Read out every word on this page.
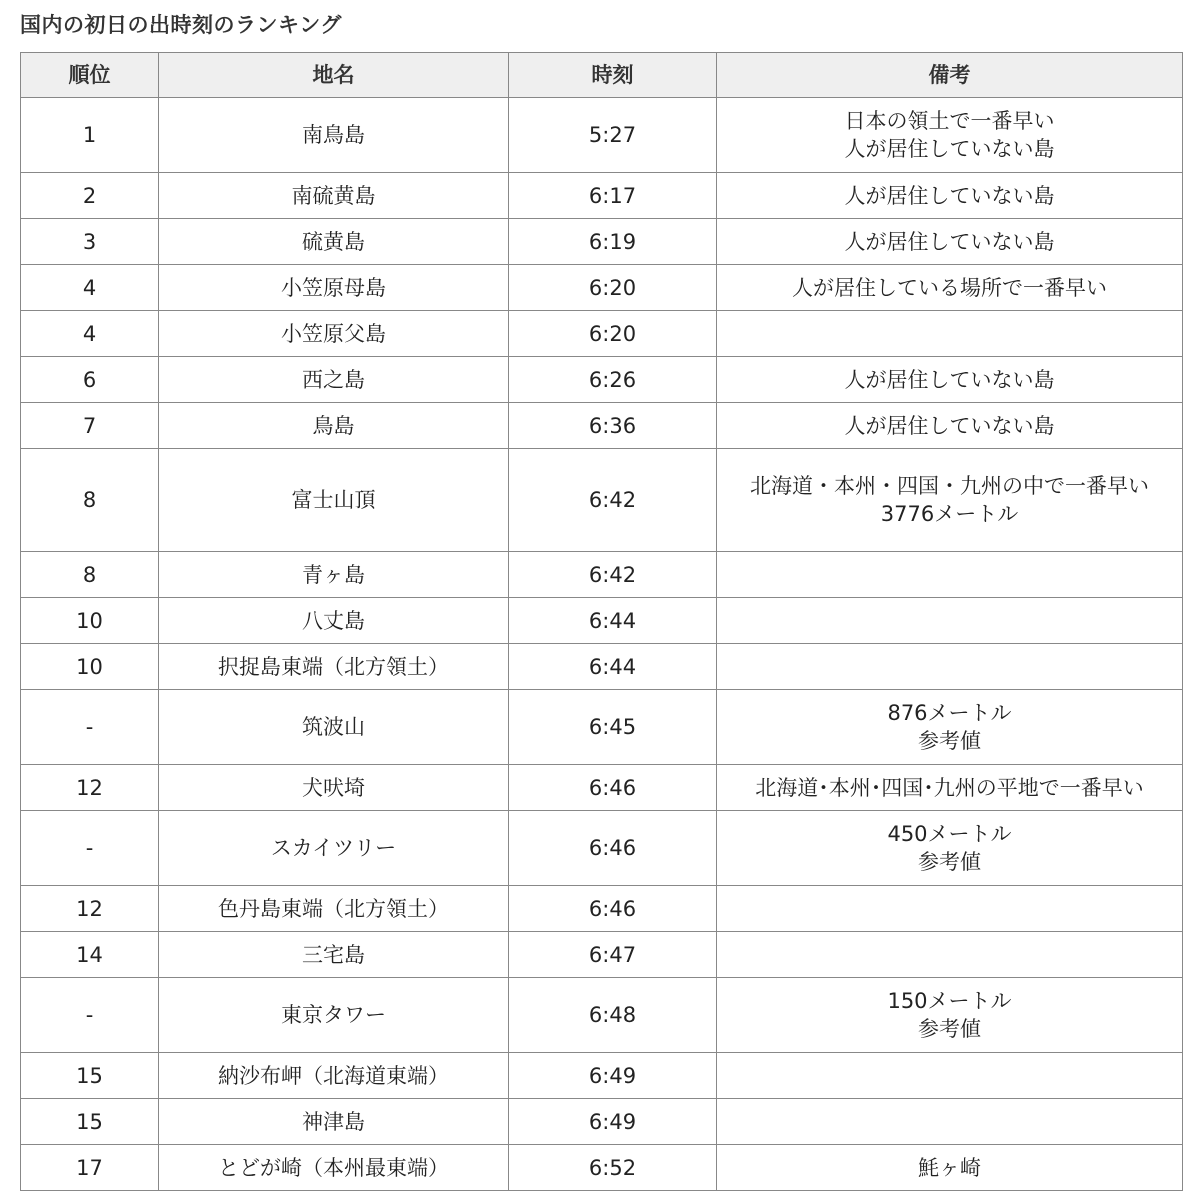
国内の初日の出時刻のランキング
順位	地名	時刻	備考
1	南鳥島	5:27	日本の領土で一番早い
人が居住していない島

2	南硫黄島	6:17	人が居住していない島

3	硫黄島	6:19	人が居住していない島

4	小笠原母島	6:20	人が居住している場所で一番早い

4	小笠原父島	6:20	
6	西之島	6:26	人が居住していない島

7	鳥島	6:36	人が居住していない島

8	富士山頂	6:42	北海道・本州・四国・九州の中で一番早い
3776メートル

8	青ヶ島	6:42	
10	八丈島	6:44	
10	択捉島東端（北方領土）	6:44	
-	筑波山	6:45	876メートル
参考値

12	犬吠埼	6:46	北海道･本州･四国･九州の平地で一番早い

-	スカイツリー	6:46	450メートル
参考値

12	色丹島東端（北方領土）	6:46	
14	三宅島	6:47	
-	東京タワー	6:48	150メートル
参考値

15	納沙布岬（北海道東端）	6:49	
15	神津島	6:49	
17	とどが崎（本州最東端）	6:52	魹ヶ崎
